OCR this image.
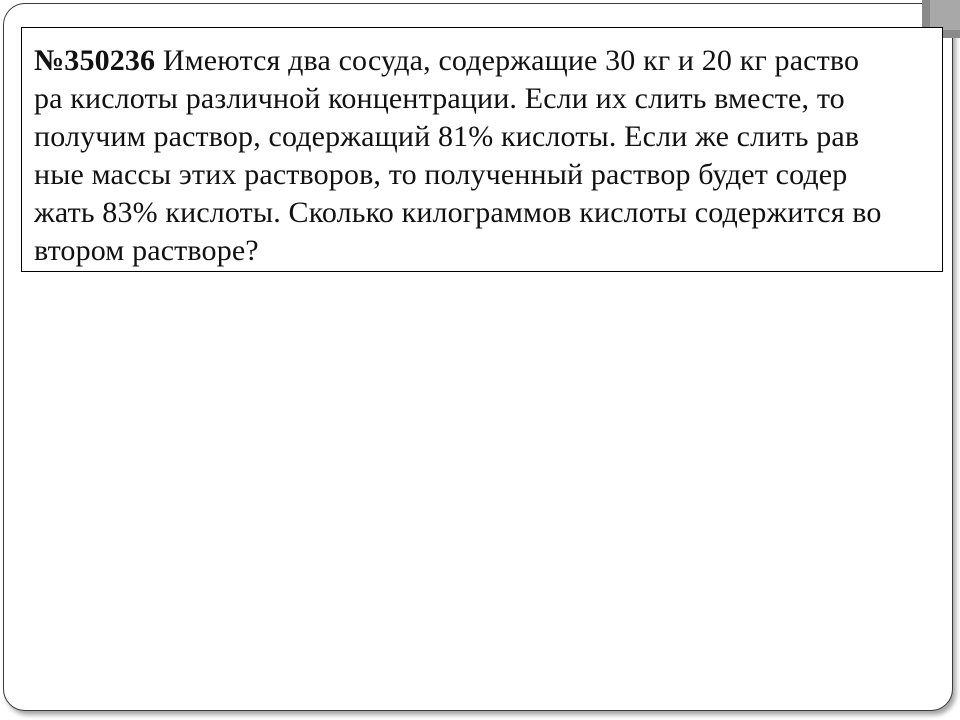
№350236 Имеются два сосуда, содержащие 30 кг и 20 кг раство
ра кислоты различной концентрации. Если их слить вместе, то
получим раствор, содержащий 81% кислоты. Если же слить рав
ные массы этих растворов, то полученный раствор будет содер
жать 83% кислоты. Сколько килограммов кислоты содержится во
втором растворе?
